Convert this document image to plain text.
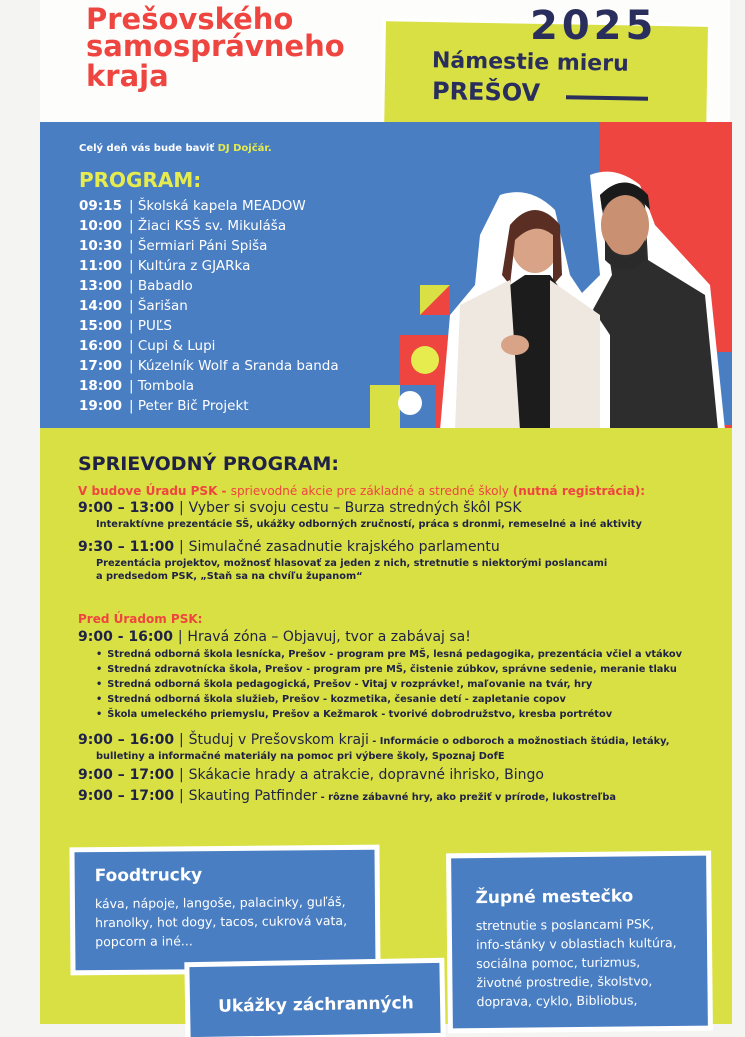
Prešovského
samosprávneho
kraja	Námestie mieru
PREŠOV
Celý deň vás bude baviť DJ Dojčár.
PROGRAM:
09:15 | Školská kapela MEADOW
10:00 | Žiaci KSŠ sv. Mikuláša
10:30 | Šermiari Páni Spiša
11:00 | Kultúra z GJARka
13:00 | Babadlo
14:00 | Šarišan
15:00 | PUĽS
16:00 | Cupi & Lupi
17:00 | Kúzelník Wolf a Sranda banda
18:00 | Tombola
19:00 | Peter Bič Projekt
SPRIEVODNÝ PROGRAM:
V budove Úradu PSK - sprievodné akcie pre základné a stredné školy (nutná registrácia):
9:00 – 13:00 | Vyber si svoju cestu – Burza stredných škôl PSK
Interaktívne prezentácie SŠ, ukážky odborných zručností, práca s dronmi, remeselné a iné aktivity
9:30 – 11:00 | Simulačné zasadnutie krajského parlamentu
Prezentácia projektov, možnosť hlasovať za jeden z nich, stretnutie s niektorými poslancami
a predsedom PSK, „Staň sa na chvíľu županom“
Pred Úradom PSK:
9:00 - 16:00 | Hravá zóna – Objavuj, tvor a zabávaj sa!
• Stredná odborná škola lesnícka, Prešov - program pre MŠ, lesná pedagogika, prezentácia včiel a vtákov
• Stredná zdravotnícka škola, Prešov - program pre MŠ, čistenie zúbkov, správne sedenie, meranie tlaku
• Stredná odborná škola pedagogická, Prešov - Vitaj v rozprávke!, maľovanie na tvár, hry
• Stredná odborná škola služieb, Prešov - kozmetika, česanie detí - zapletanie copov
• Škola umeleckého priemyslu, Prešov a Kežmarok - tvorivé dobrodružstvo, kresba portrétov
9:00 – 16:00 | Študuj v Prešovskom kraji - Informácie o odboroch a možnostiach štúdia, letáky,
bulletiny a informačné materiály na pomoc pri výbere školy, Spoznaj DofE
9:00 – 17:00 | Skákacie hrady a atrakcie, dopravné ihrisko, Bingo
9:00 – 17:00 | Skauting Patfinder - rôzne zábavné hry, ako prežiť v prírode, lukostreľba
Foodtrucky

káva, nápoje, langoše, palacinky, guľáš,

hranolky, hot dogy, tacos, cukrová vata,

popcorn a iné...

Župné mestečko

stretnutie s poslancami PSK,

info-stánky v oblastiach kultúra,

sociálna pomoc, turizmus,

životné prostredie, školstvo,

doprava, cyklo, Bibliobus,

Ukážky záchranných
